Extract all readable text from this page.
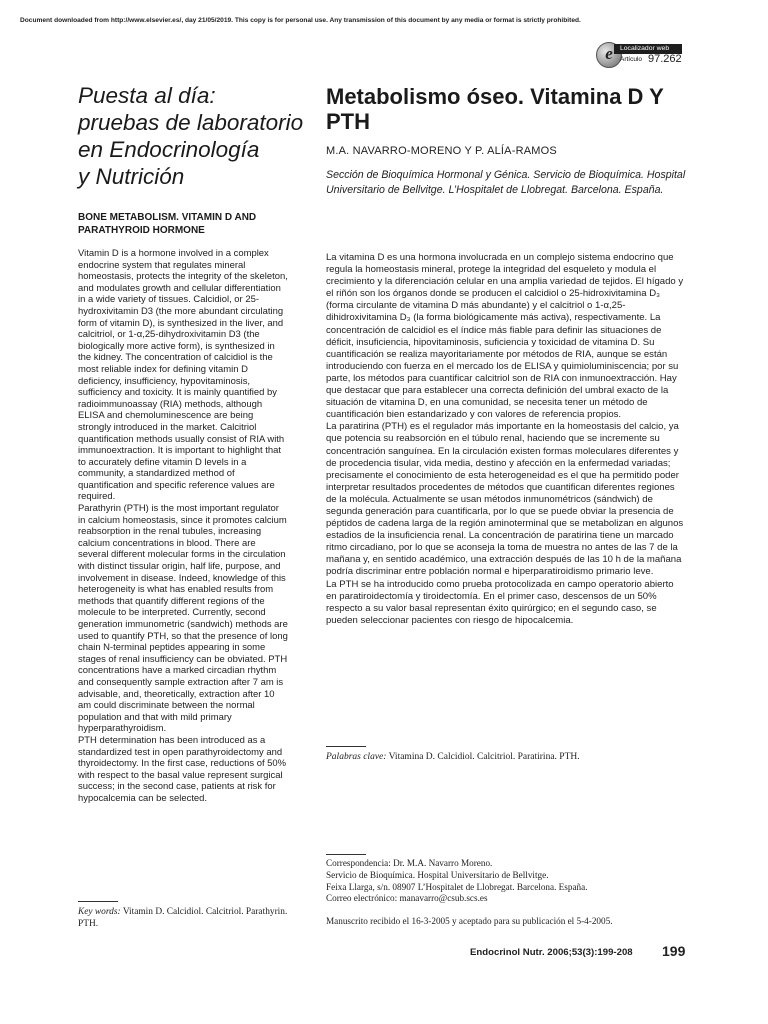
Document downloaded from http://www.elsevier.es/, day 21/05/2019. This copy is for personal use. Any transmission of this document by any media or format is strictly prohibited.
e	Localizador web
Artículo 97.262
Puesta al día:
pruebas de laboratorio
en Endocrinología
y Nutrición
Metabolismo óseo. Vitamina D Y PTH
M.A. NAVARRO-MORENO Y P. ALÍA-RAMOS
Sección de Bioquímica Hormonal y Génica. Servicio de Bioquímica. Hospital Universitario de Bellvitge. L’Hospitalet de Llobregat. Barcelona. España.
BONE METABOLISM. VITAMIN D AND PARATHYROID HORMONE

Vitamin D is a hormone involved in a complex endocrine system that regulates mineral homeostasis, protects the integrity of the skeleton, and modulates growth and cellular differentiation in a wide variety of tissues. Calcidiol, or 25-hydroxivitamin D3 (the more abundant circulating form of vitamin D), is synthesized in the liver, and calcitriol, or 1-α,25-dihydroxivitamin D3 (the biologically more active form), is synthesized in the kidney. The concentration of calcidiol is the most reliable index for defining vitamin D deficiency, insufficiency, hypovitaminosis, sufficiency and toxicity. It is mainly quantified by radioimmunoassay (RIA) methods, although ELISA and chemoluminescence are being strongly introduced in the market. Calcitriol quantification methods usually consist of RIA with immunoextraction. It is important to highlight that to accurately define vitamin D levels in a community, a standardized method of quantification and specific reference values are required.

Parathyrin (PTH) is the most important regulator in calcium homeostasis, since it promotes calcium reabsorption in the renal tubules, increasing calcium concentrations in blood. There are several different molecular forms in the circulation with distinct tissular origin, half life, purpose, and involvement in disease. Indeed, knowledge of this heterogeneity is what has enabled results from methods that quantify different regions of the molecule to be interpreted. Currently, second generation immunometric (sandwich) methods are used to quantify PTH, so that the presence of long chain N-terminal peptides appearing in some stages of renal insufficiency can be obviated. PTH concentrations have a marked circadian rhythm and consequently sample extraction after 7 am is advisable, and, theoretically, extraction after 10 am could discriminate between the normal population and that with mild primary hyperparathyroidism.

PTH determination has been introduced as a standardized test in open parathyroidectomy and thyroidectomy. In the first case, reductions of 50% with respect to the basal value represent surgical success; in the second case, patients at risk for hypocalcemia can be selected.

Key words: Vitamin D. Calcidiol. Calcitriol. Parathyrin. PTH.

La vitamina D es una hormona involucrada en un complejo sistema endocrino que regula la homeostasis mineral, protege la integridad del esqueleto y modula el crecimiento y la diferenciación celular en una amplia variedad de tejidos. El hígado y el riñón son los órganos donde se producen el calcidiol o 25-hidroxivitamina D₃ (forma circulante de vitamina D más abundante) y el calcitriol o 1-α,25-dihidroxivitamina D₃ (la forma biológicamente más activa), respectivamente. La concentración de calcidiol es el índice más fiable para definir las situaciones de déficit, insuficiencia, hipovitaminosis, suficiencia y toxicidad de vitamina D. Su cuantificación se realiza mayoritariamente por métodos de RIA, aunque se están introduciendo con fuerza en el mercado los de ELISA y quimioluminiscencia; por su parte, los métodos para cuantificar calcitriol son de RIA con inmunoextracción. Hay que destacar que para establecer una correcta definición del umbral exacto de la situación de vitamina D, en una comunidad, se necesita tener un método de cuantificación bien estandarizado y con valores de referencia propios.

La paratirina (PTH) es el regulador más importante en la homeostasis del calcio, ya que potencia su reabsorción en el túbulo renal, haciendo que se incremente su concentración sanguínea. En la circulación existen formas moleculares diferentes y de procedencia tisular, vida media, destino y afección en la enfermedad variadas; precisamente el conocimiento de esta heterogeneidad es el que ha permitido poder interpretar resultados procedentes de métodos que cuantifican diferentes regiones de la molécula. Actualmente se usan métodos inmunométricos (sándwich) de segunda generación para cuantificarla, por lo que se puede obviar la presencia de péptidos de cadena larga de la región aminoterminal que se metabolizan en algunos estadios de la insuficiencia renal. La concentración de paratirina tiene un marcado ritmo circadiano, por lo que se aconseja la toma de muestra no antes de las 7 de la mañana y, en sentido académico, una extracción después de las 10 h de la mañana podría discriminar entre población normal e hiperparatiroidismo primario leve.

La PTH se ha introducido como prueba protocolizada en campo operatorio abierto en paratiroidectomía y tiroidectomía. En el primer caso, descensos de un 50% respecto a su valor basal representan éxito quirúrgico; en el segundo caso, se pueden seleccionar pacientes con riesgo de hipocalcemia.

Palabras clave: Vitamina D. Calcidiol. Calcitriol. Paratirina. PTH.
Correspondencia: Dr. M.A. Navarro Moreno.
Servicio de Bioquímica. Hospital Universitario de Bellvitge.
Feixa Llarga, s/n. 08907 L’Hospitalet de Llobregat. Barcelona. España.
Correo electrónico: manavarro@csub.scs.es
Manuscrito recibido el 16-3-2005 y aceptado para su publicación el 5-4-2005.
Endocrinol Nutr. 2006;53(3):199-208 199
